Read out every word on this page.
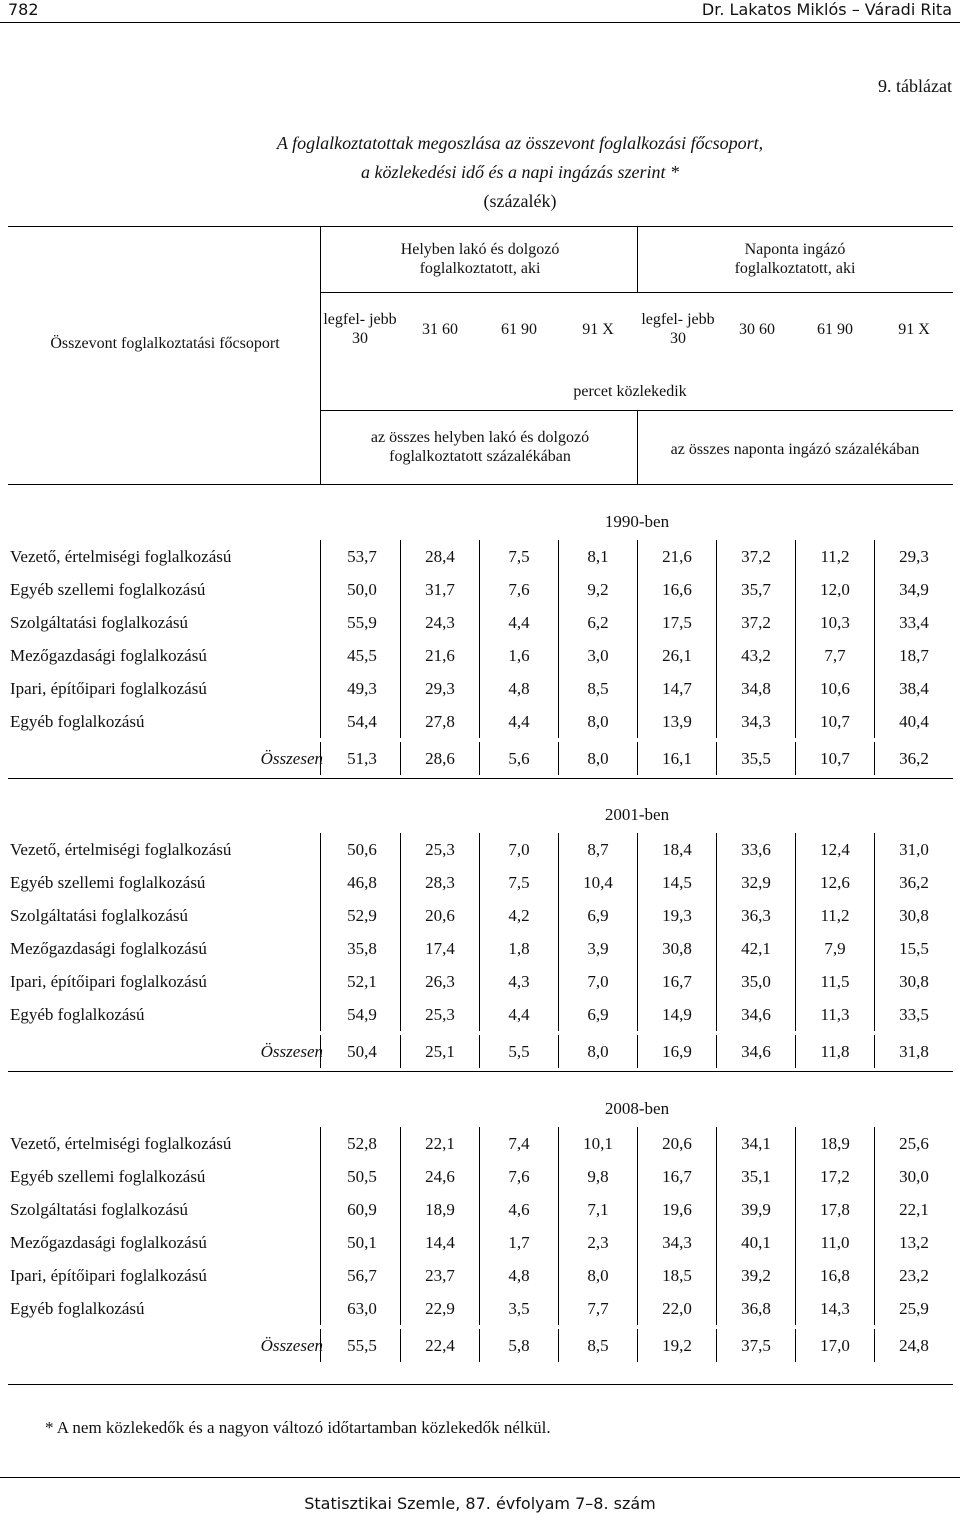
782	Dr. Lakatos Miklós – Váradi Rita
9. táblázat
A foglalkoztatottak megoszlása az összevont foglalkozási főcsoport,
a közlekedési idő és a napi ingázás szerint *
(százalék)
Összevont foglalkoztatási főcsoport
Helyben lakó és dolgozó foglalkoztatott, aki
Naponta ingázó foglalkoztatott, aki
legfel- jebb 30
31 60	61 90	91 X
legfel- jebb 30
30 60	61 90	91 X
percet közlekedik
az összes helyben lakó és dolgozó foglalkoztatott százalékában	az összes naponta ingázó százalékában
1990-ben
Vezető, értelmiségi foglalkozású	53,7	28,4	7,5	8,1	21,6	37,2	11,2	29,3
Egyéb szellemi foglalkozású	50,0	31,7	7,6	9,2	16,6	35,7	12,0	34,9
Szolgáltatási foglalkozású	55,9	24,3	4,4	6,2	17,5	37,2	10,3	33,4
Mezőgazdasági foglalkozású	45,5	21,6	1,6	3,0	26,1	43,2	7,7	18,7
Ipari, építőipari foglalkozású	49,3	29,3	4,8	8,5	14,7	34,8	10,6	38,4
Egyéb foglalkozású	54,4	27,8	4,4	8,0	13,9	34,3	10,7	40,4
Összesen	51,3	28,6	5,6	8,0	16,1	35,5	10,7	36,2
2001-ben
Vezető, értelmiségi foglalkozású	50,6	25,3	7,0	8,7	18,4	33,6	12,4	31,0
Egyéb szellemi foglalkozású	46,8	28,3	7,5	10,4	14,5	32,9	12,6	36,2
Szolgáltatási foglalkozású	52,9	20,6	4,2	6,9	19,3	36,3	11,2	30,8
Mezőgazdasági foglalkozású	35,8	17,4	1,8	3,9	30,8	42,1	7,9	15,5
Ipari, építőipari foglalkozású	52,1	26,3	4,3	7,0	16,7	35,0	11,5	30,8
Egyéb foglalkozású	54,9	25,3	4,4	6,9	14,9	34,6	11,3	33,5
Összesen	50,4	25,1	5,5	8,0	16,9	34,6	11,8	31,8
2008-ben
Vezető, értelmiségi foglalkozású	52,8	22,1	7,4	10,1	20,6	34,1	18,9	25,6
Egyéb szellemi foglalkozású	50,5	24,6	7,6	9,8	16,7	35,1	17,2	30,0
Szolgáltatási foglalkozású	60,9	18,9	4,6	7,1	19,6	39,9	17,8	22,1
Mezőgazdasági foglalkozású	50,1	14,4	1,7	2,3	34,3	40,1	11,0	13,2
Ipari, építőipari foglalkozású	56,7	23,7	4,8	8,0	18,5	39,2	16,8	23,2
Egyéb foglalkozású	63,0	22,9	3,5	7,7	22,0	36,8	14,3	25,9
Összesen	55,5	22,4	5,8	8,5	19,2	37,5	17,0	24,8
* A nem közlekedők és a nagyon változó időtartamban közlekedők nélkül.
Statisztikai Szemle, 87. évfolyam 7–8. szám
